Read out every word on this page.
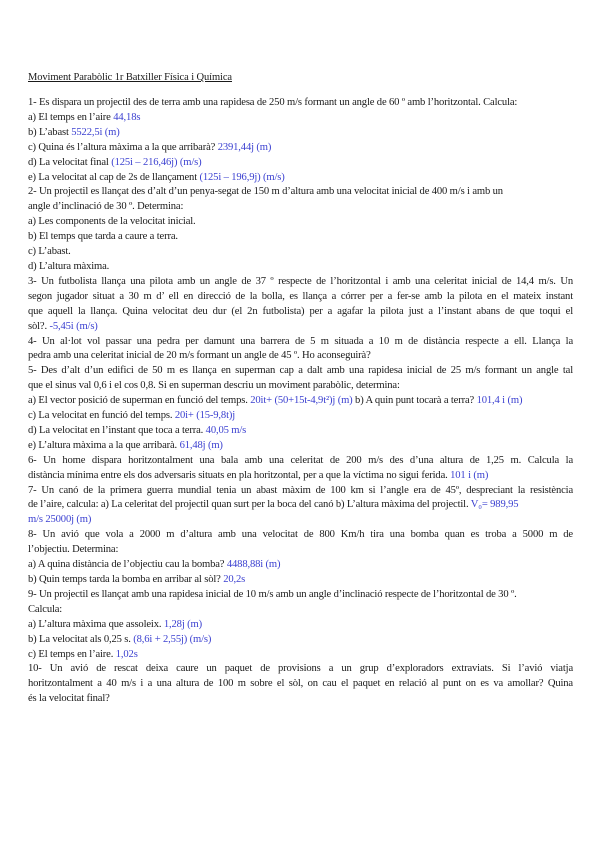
Moviment Parabòlic 1r Batxiller Física i Química

1- Es dispara un projectil des de terra amb una rapidesa de 250 m/s formant un angle de 60 º amb l’horitzontal. Calcula:

a) El temps en l’aire 44,18s

b) L’abast 5522,5i (m)

c) Quina és l’altura màxima a la que arribarà? 2391,44j (m)

d) La velocitat final (125i – 216,46j) (m/s)

e) La velocitat al cap de 2s de llançament (125i – 196,9j) (m/s)

2- Un projectil es llançat des d’alt d’un penya-segat de 150 m d’altura amb una velocitat inicial de 400 m/s i amb un

angle d’inclinació de 30 º. Determina:

a) Les components de la velocitat inicial.

b) El temps que tarda a caure a terra.

c) L’abast.

d) L’altura màxima.

3- Un futbolista llança una pilota amb un angle de 37 º respecte de l’horitzontal i amb una celeritat inicial de 14,4 m/s. Un

segon jugador situat a 30 m d’ ell en direcció de la bolla, es llança a córrer per a fer-se amb la pilota en el mateix instant

que aquell la llança. Quina velocitat deu dur (el 2n futbolista) per a agafar la pilota just a l’instant abans de que toqui el

sòl?. -5,45i (m/s)

4- Un al·lot vol passar una pedra per damunt una barrera de 5 m situada a 10 m de distància respecte a ell. Llança la

pedra amb una celeritat inicial de 20 m/s formant un angle de 45 º. Ho aconseguirà?

5- Des d’alt d’un edifici de 50 m es llança en superman cap a dalt amb una rapidesa inicial de 25 m/s formant un angle tal

que el sinus val 0,6 i el cos 0,8. Si en superman descriu un moviment parabòlic, determina:

a) El vector posició de superman en funció del temps. 20it+ (50+15t-4,9t²)j (m) b) A quin punt tocarà a terra? 101,4 i (m)

c) La velocitat en funció del temps. 20i+ (15-9,8t)j

d) La velocitat en l’instant que toca a terra. 40,05 m/s

e) L’altura màxima a la que arribarà. 61,48j (m)

6- Un home dispara horitzontalment una bala amb una celeritat de 200 m/s des d’una altura de 1,25 m. Calcula la

distància mínima entre els dos adversaris situats en pla horitzontal, per a que la víctima no sigui ferida. 101 i (m)

7- Un canó de la primera guerra mundial tenia un abast màxim de 100 km si l’angle era de 45º, despreciant la resistència

de l’aire, calcula: a) La celeritat del projectil quan surt per la boca del canó b) L’altura màxima del projectil. V₀= 989,95

m/s 25000j (m)

8- Un avió que vola a 2000 m d’altura amb una velocitat de 800 Km/h tira una bomba quan es troba a 5000 m de

l’objectiu. Determina:

a) A quina distància de l’objectiu cau la bomba? 4488,88i (m)

b) Quin temps tarda la bomba en arribar al sòl? 20,2s

9- Un projectil es llançat amb una rapidesa inicial de 10 m/s amb un angle d’inclinació respecte de l’horitzontal de 30 º.

Calcula:

a) L’altura màxima que assoleix. 1,28j (m)

b) La velocitat als 0,25 s. (8,6i + 2,55j) (m/s)

c) El temps en l’aire. 1,02s

10- Un avió de rescat deixa caure un paquet de provisions a un grup d’exploradors extraviats. Si l’avió viatja

horitzontalment a 40 m/s i a una altura de 100 m sobre el sòl, on cau el paquet en relació al punt on es va amollar? Quina

és la velocitat final?
